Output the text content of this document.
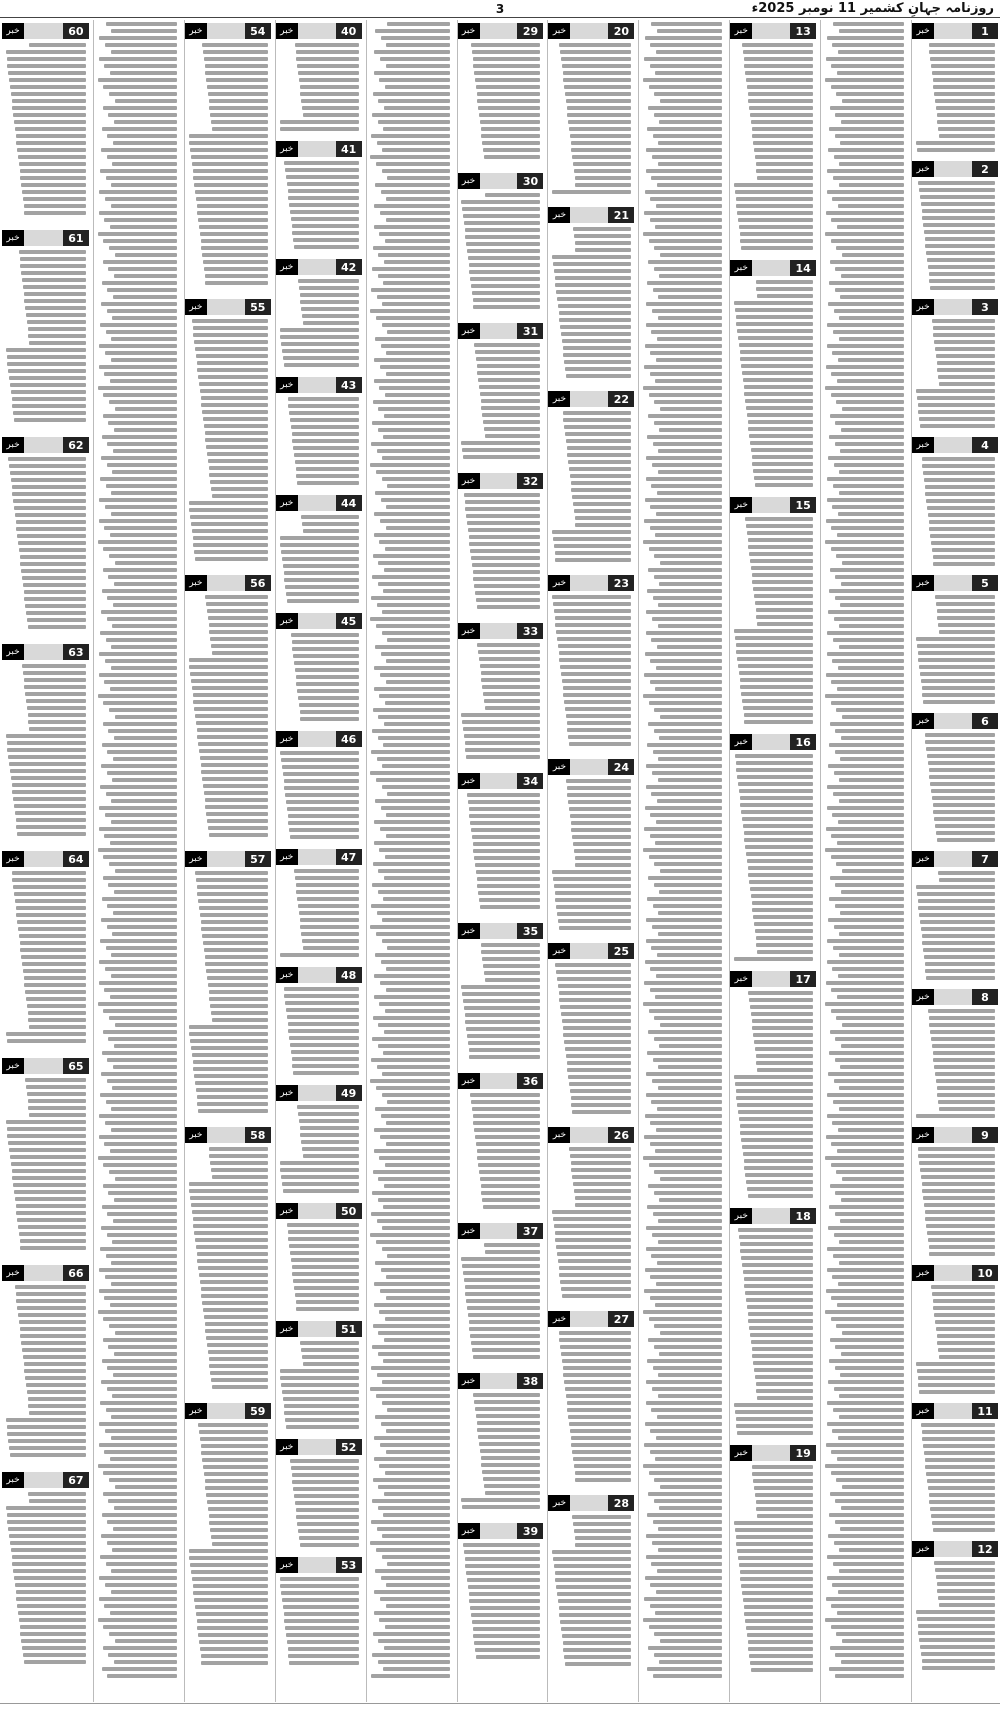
روزنامہ جہانِ کشمیر 11 نومبر 2025ء
3
1
خبر
2
خبر
3
خبر
4
خبر
5
خبر
6
خبر
7
خبر
8
خبر
9
خبر
10
خبر
11
خبر
12
خبر
13
خبر
14
خبر
15
خبر
16
خبر
17
خبر
18
خبر
19
خبر
20
خبر
21
خبر
22
خبر
23
خبر
24
خبر
25
خبر
26
خبر
27
خبر
28
خبر
29
خبر
30
خبر
31
خبر
32
خبر
33
خبر
34
خبر
35
خبر
36
خبر
37
خبر
38
خبر
39
خبر
40
خبر
41
خبر
42
خبر
43
خبر
44
خبر
45
خبر
46
خبر
47
خبر
48
خبر
49
خبر
50
خبر
51
خبر
52
خبر
53
خبر
54
خبر
55
خبر
56
خبر
57
خبر
58
خبر
59
خبر
60
خبر
61
خبر
62
خبر
63
خبر
64
خبر
65
خبر
66
خبر
67
خبر
